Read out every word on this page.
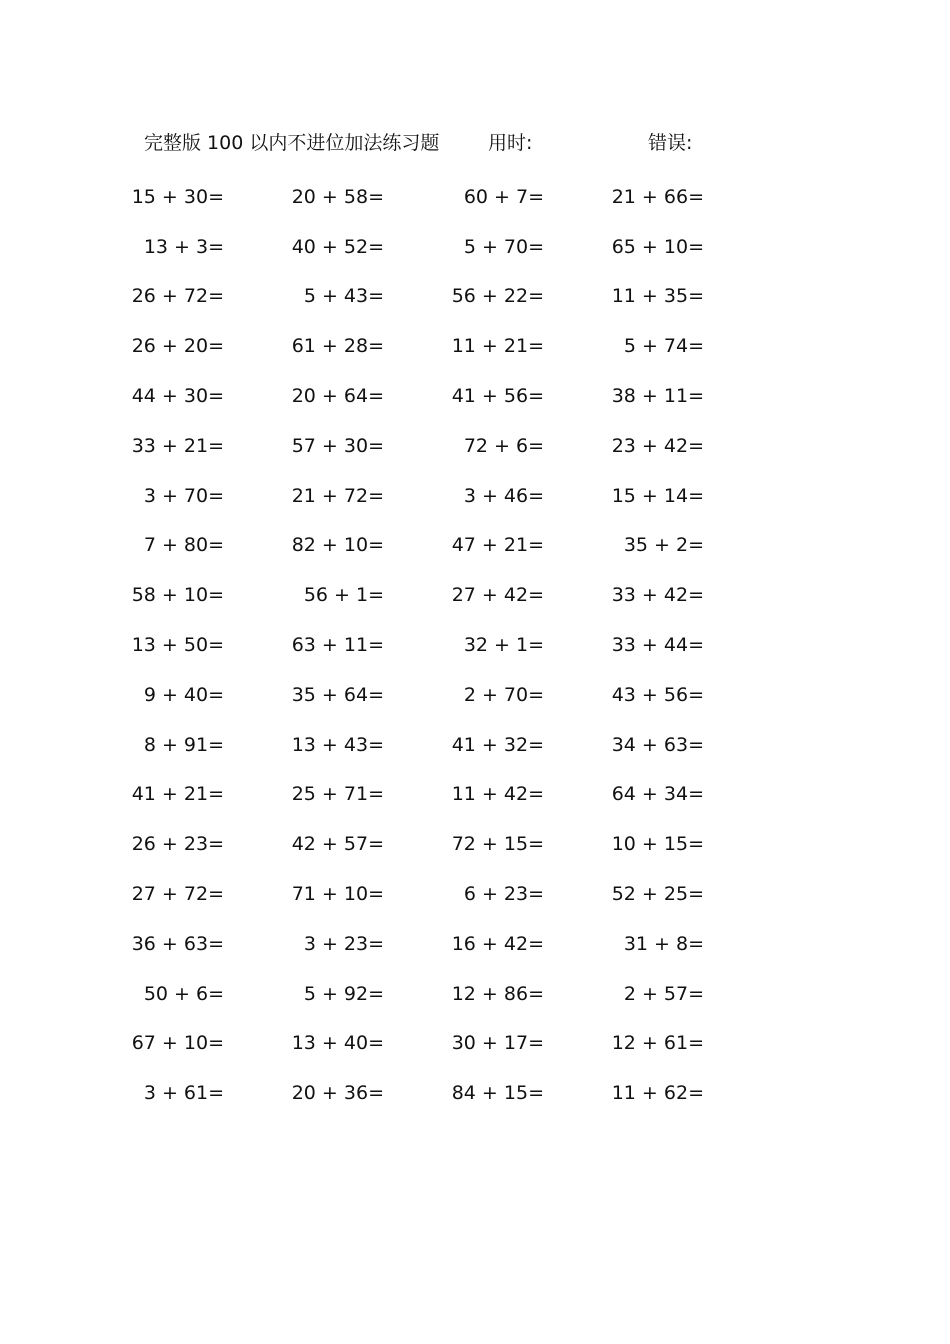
完整版 100 以内不进位加法练习题	用时:	错误:
15 + 30=	20 + 58=	60 + 7=	21 + 66=
13 + 3=	40 + 52=	5 + 70=	65 + 10=
26 + 72=	5 + 43=	56 + 22=	11 + 35=
26 + 20=	61 + 28=	11 + 21=	5 + 74=
44 + 30=	20 + 64=	41 + 56=	38 + 11=
33 + 21=	57 + 30=	72 + 6=	23 + 42=
3 + 70=	21 + 72=	3 + 46=	15 + 14=
7 + 80=	82 + 10=	47 + 21=	35 + 2=
58 + 10=	56 + 1=	27 + 42=	33 + 42=
13 + 50=	63 + 11=	32 + 1=	33 + 44=
9 + 40=	35 + 64=	2 + 70=	43 + 56=
8 + 91=	13 + 43=	41 + 32=	34 + 63=
41 + 21=	25 + 71=	11 + 42=	64 + 34=
26 + 23=	42 + 57=	72 + 15=	10 + 15=
27 + 72=	71 + 10=	6 + 23=	52 + 25=
36 + 63=	3 + 23=	16 + 42=	31 + 8=
50 + 6=	5 + 92=	12 + 86=	2 + 57=
67 + 10=	13 + 40=	30 + 17=	12 + 61=
3 + 61=	20 + 36=	84 + 15=	11 + 62=
